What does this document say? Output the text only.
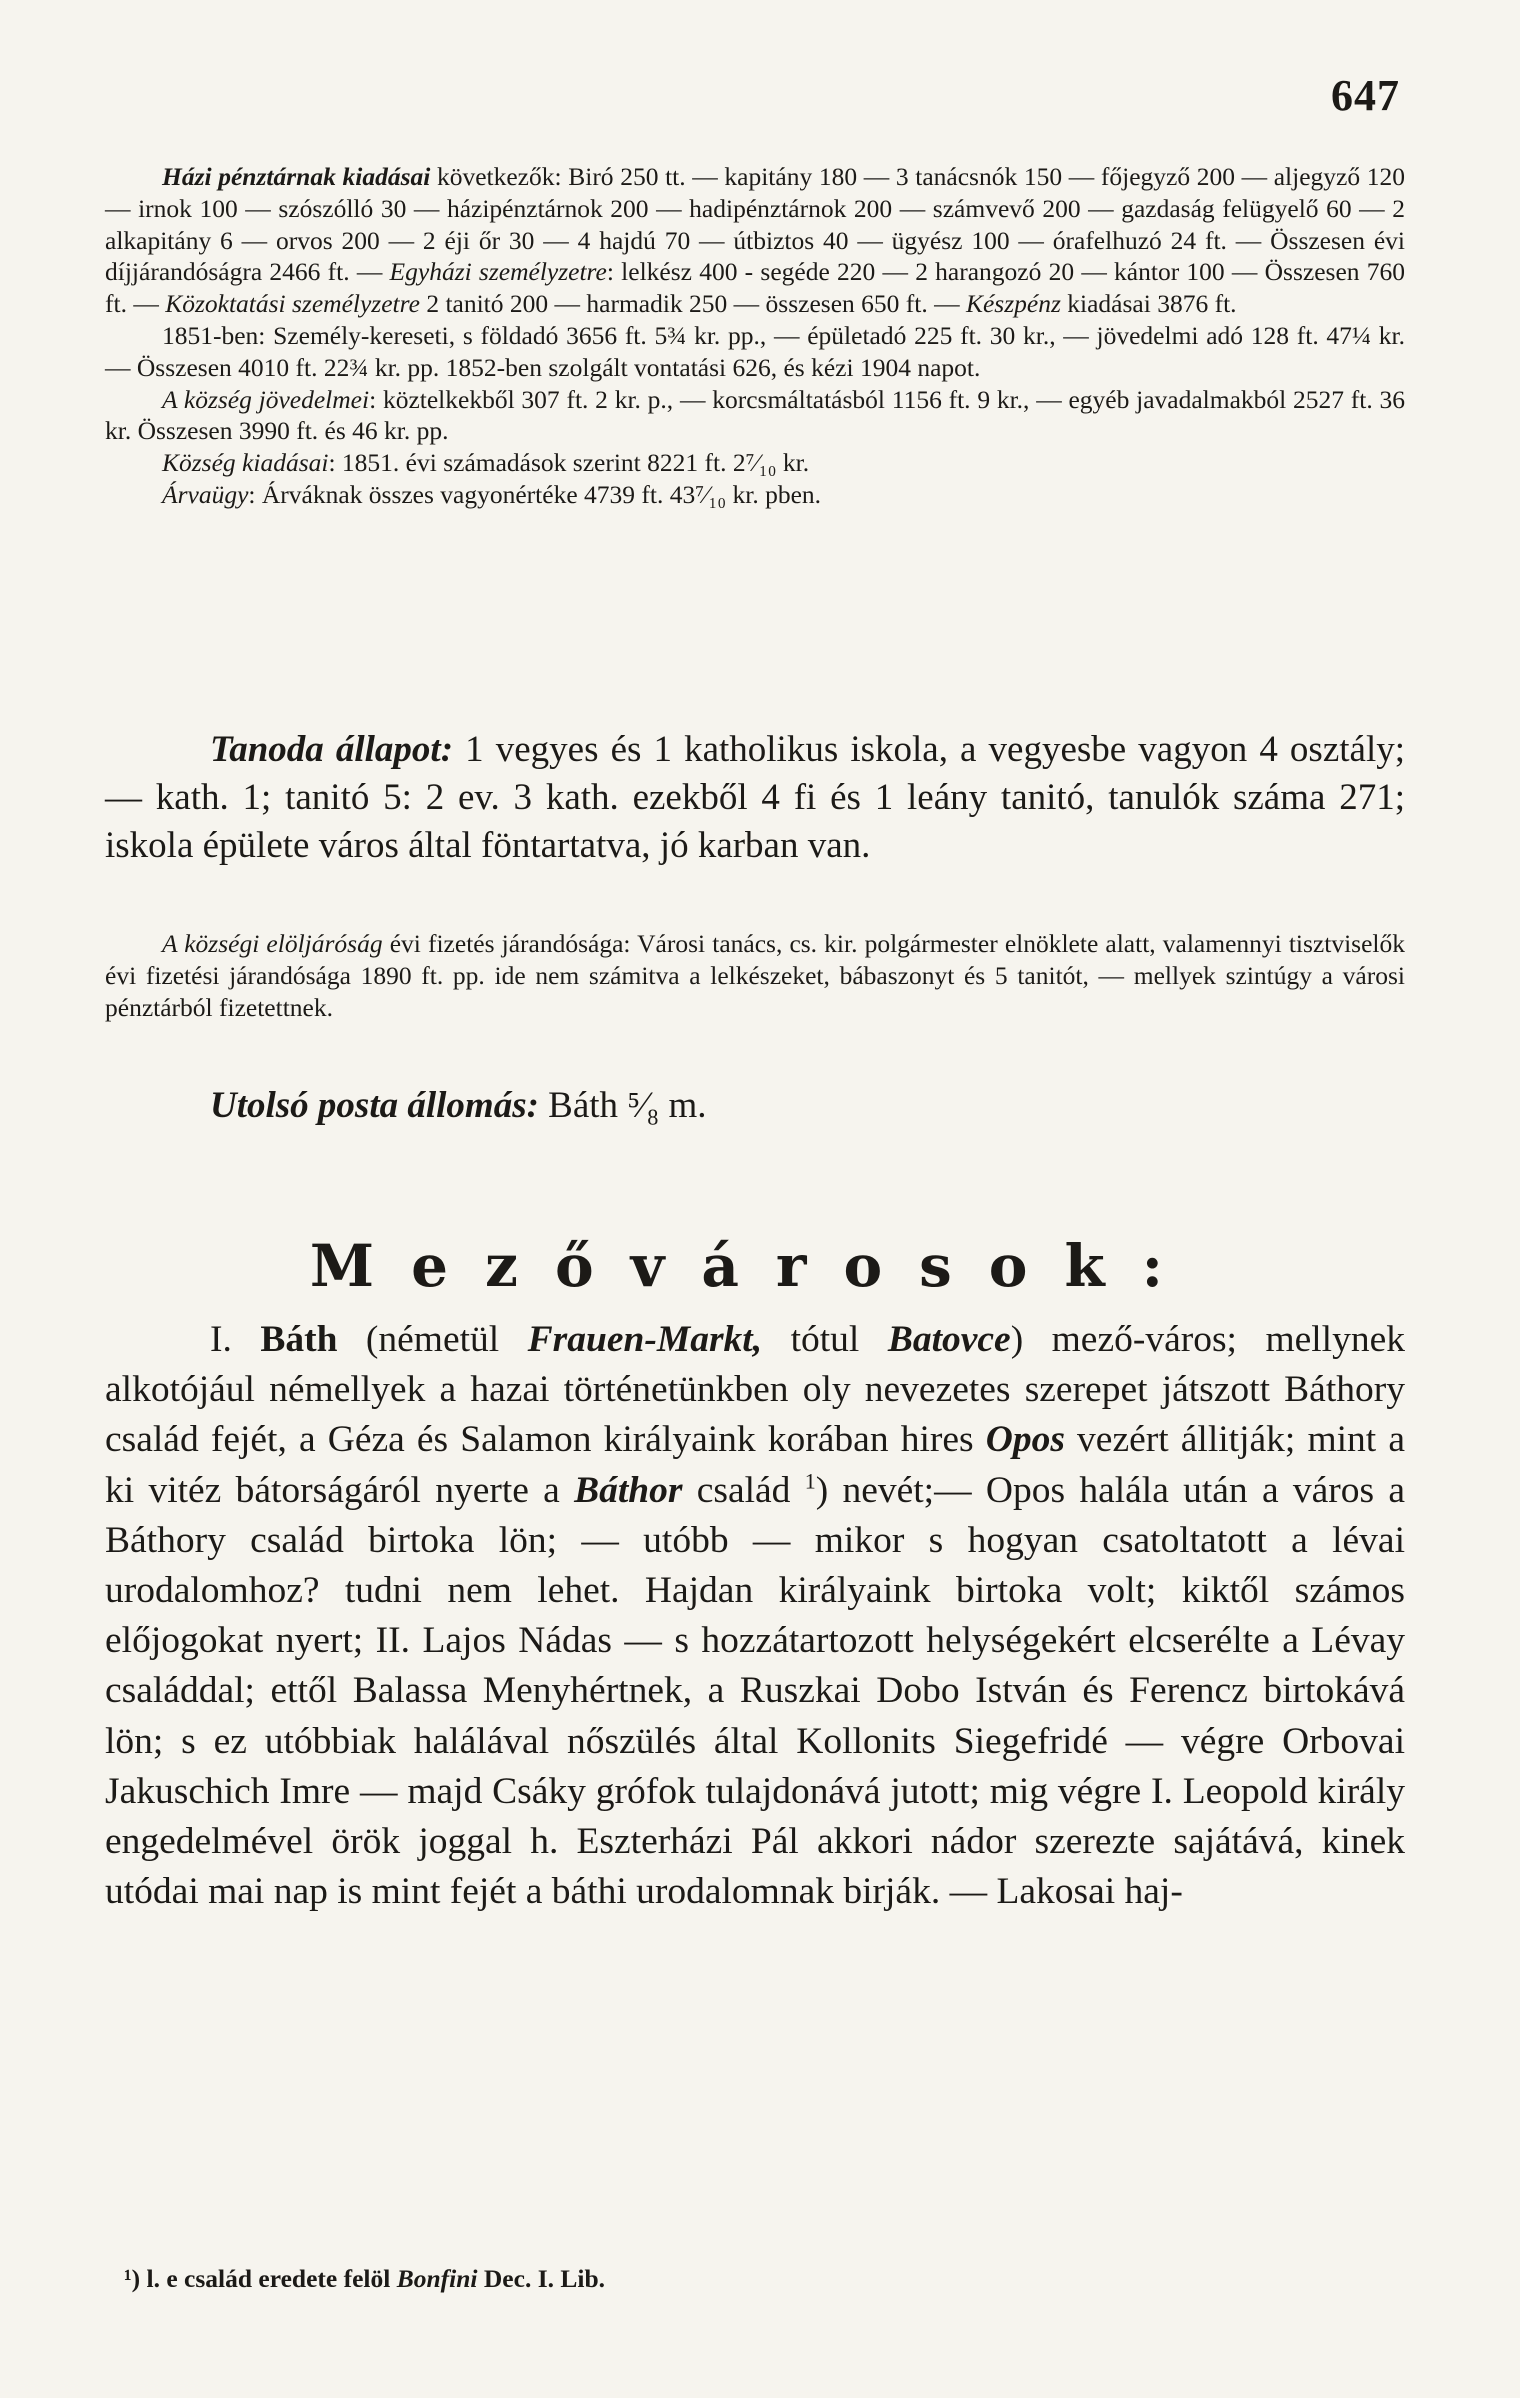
647

Házi pénztárnak kiadásai következők: Biró 250 tt. — kapitány 180 — 3 tanácsnók 150 — főjegyző 200 — aljegyző 120 — irnok 100 — szószólló 30 — házipénztárnok 200 — hadipénztárnok 200 — számvevő 200 — gazdaság felügyelő 60 — 2 alkapitány 6 — orvos 200 — 2 éji őr 30 — 4 hajdú 70 — útbiztos 40 — ügyész 100 — órafelhuzó 24 ft. — Összesen évi díjjárandóságra 2466 ft. — Egyházi személyzetre: lelkész 400 - segéde 220 — 2 harangozó 20 — kántor 100 — Összesen 760 ft. — Közoktatási személyzetre 2 tanitó 200 — harmadik 250 — összesen 650 ft. — Készpénz kiadásai 3876 ft.

1851-ben: Személy-kereseti, s földadó 3656 ft. 5¾ kr. pp., — épületadó 225 ft. 30 kr., — jövedelmi adó 128 ft. 47¼ kr. — Összesen 4010 ft. 22¾ kr. pp. 1852-ben szolgált vontatási 626, és kézi 1904 napot.

A község jövedelmei: köztelkekből 307 ft. 2 kr. p., — korcsmáltatásból 1156 ft. 9 kr., — egyéb javadalmakból 2527 ft. 36 kr. Összesen 3990 ft. és 46 kr. pp.

Község kiadásai: 1851. évi számadások szerint 8221 ft. 2⁷⁄₁₀ kr.

Árvaügy: Árváknak összes vagyonértéke 4739 ft. 43⁷⁄₁₀ kr. pben.

Tanoda állapot: 1 vegyes és 1 katholikus iskola, a vegyesbe vagyon 4 osztály; — kath. 1; tanitó 5: 2 ev. 3 kath. ezekből 4 fi és 1 leány tanitó, tanulók száma 271; iskola épülete város által föntartatva, jó karban van.

A községi elöljáróság évi fizetés járandósága: Városi tanács, cs. kir. polgármester elnöklete alatt, valamennyi tisztviselők évi fizetési járandósága 1890 ft. pp. ide nem számitva a lelkészeket, bábaszonyt és 5 tanitót, — mellyek szintúgy a városi pénztárból fizetettnek.

Utolsó posta állomás: Báth ⁵⁄₈ m.

Mezővárosok:

I. Báth (németül Frauen-Markt, tótul Batovce) mező-város; mellynek alkotójául némellyek a hazai történetünkben oly nevezetes szerepet játszott Báthory család fejét, a Géza és Salamon királyaink korában hires Opos vezért állitják; mint a ki vitéz bátorságáról nyerte a Báthor család $^1$) nevét;— Opos halála után a város a Báthory család birtoka lön; — utóbb — mikor s hogyan csatoltatott a lévai urodalomhoz? tudni nem lehet. Hajdan királyaink birtoka volt; kiktől számos előjogokat nyert; II. Lajos Nádas — s hozzátartozott helységekért elcserélte a Lévay családdal; ettől Balassa Menyhértnek, a Ruszkai Dobo István és Ferencz birtokává lön; s ez utóbbiak halálával nőszülés által Kollonits Siegefridé — végre Orbovai Jakuschich Imre — majd Csáky grófok tulajdonává jutott; mig végre I. Leopold király engedelmével örök joggal h. Eszterházi Pál akkori nádor szerezte sajátává, kinek utódai mai nap is mint fejét a báthi urodalomnak birják. — Lakosai haj-

¹) l. e család eredete felöl Bonfini Dec. I. Lib.
